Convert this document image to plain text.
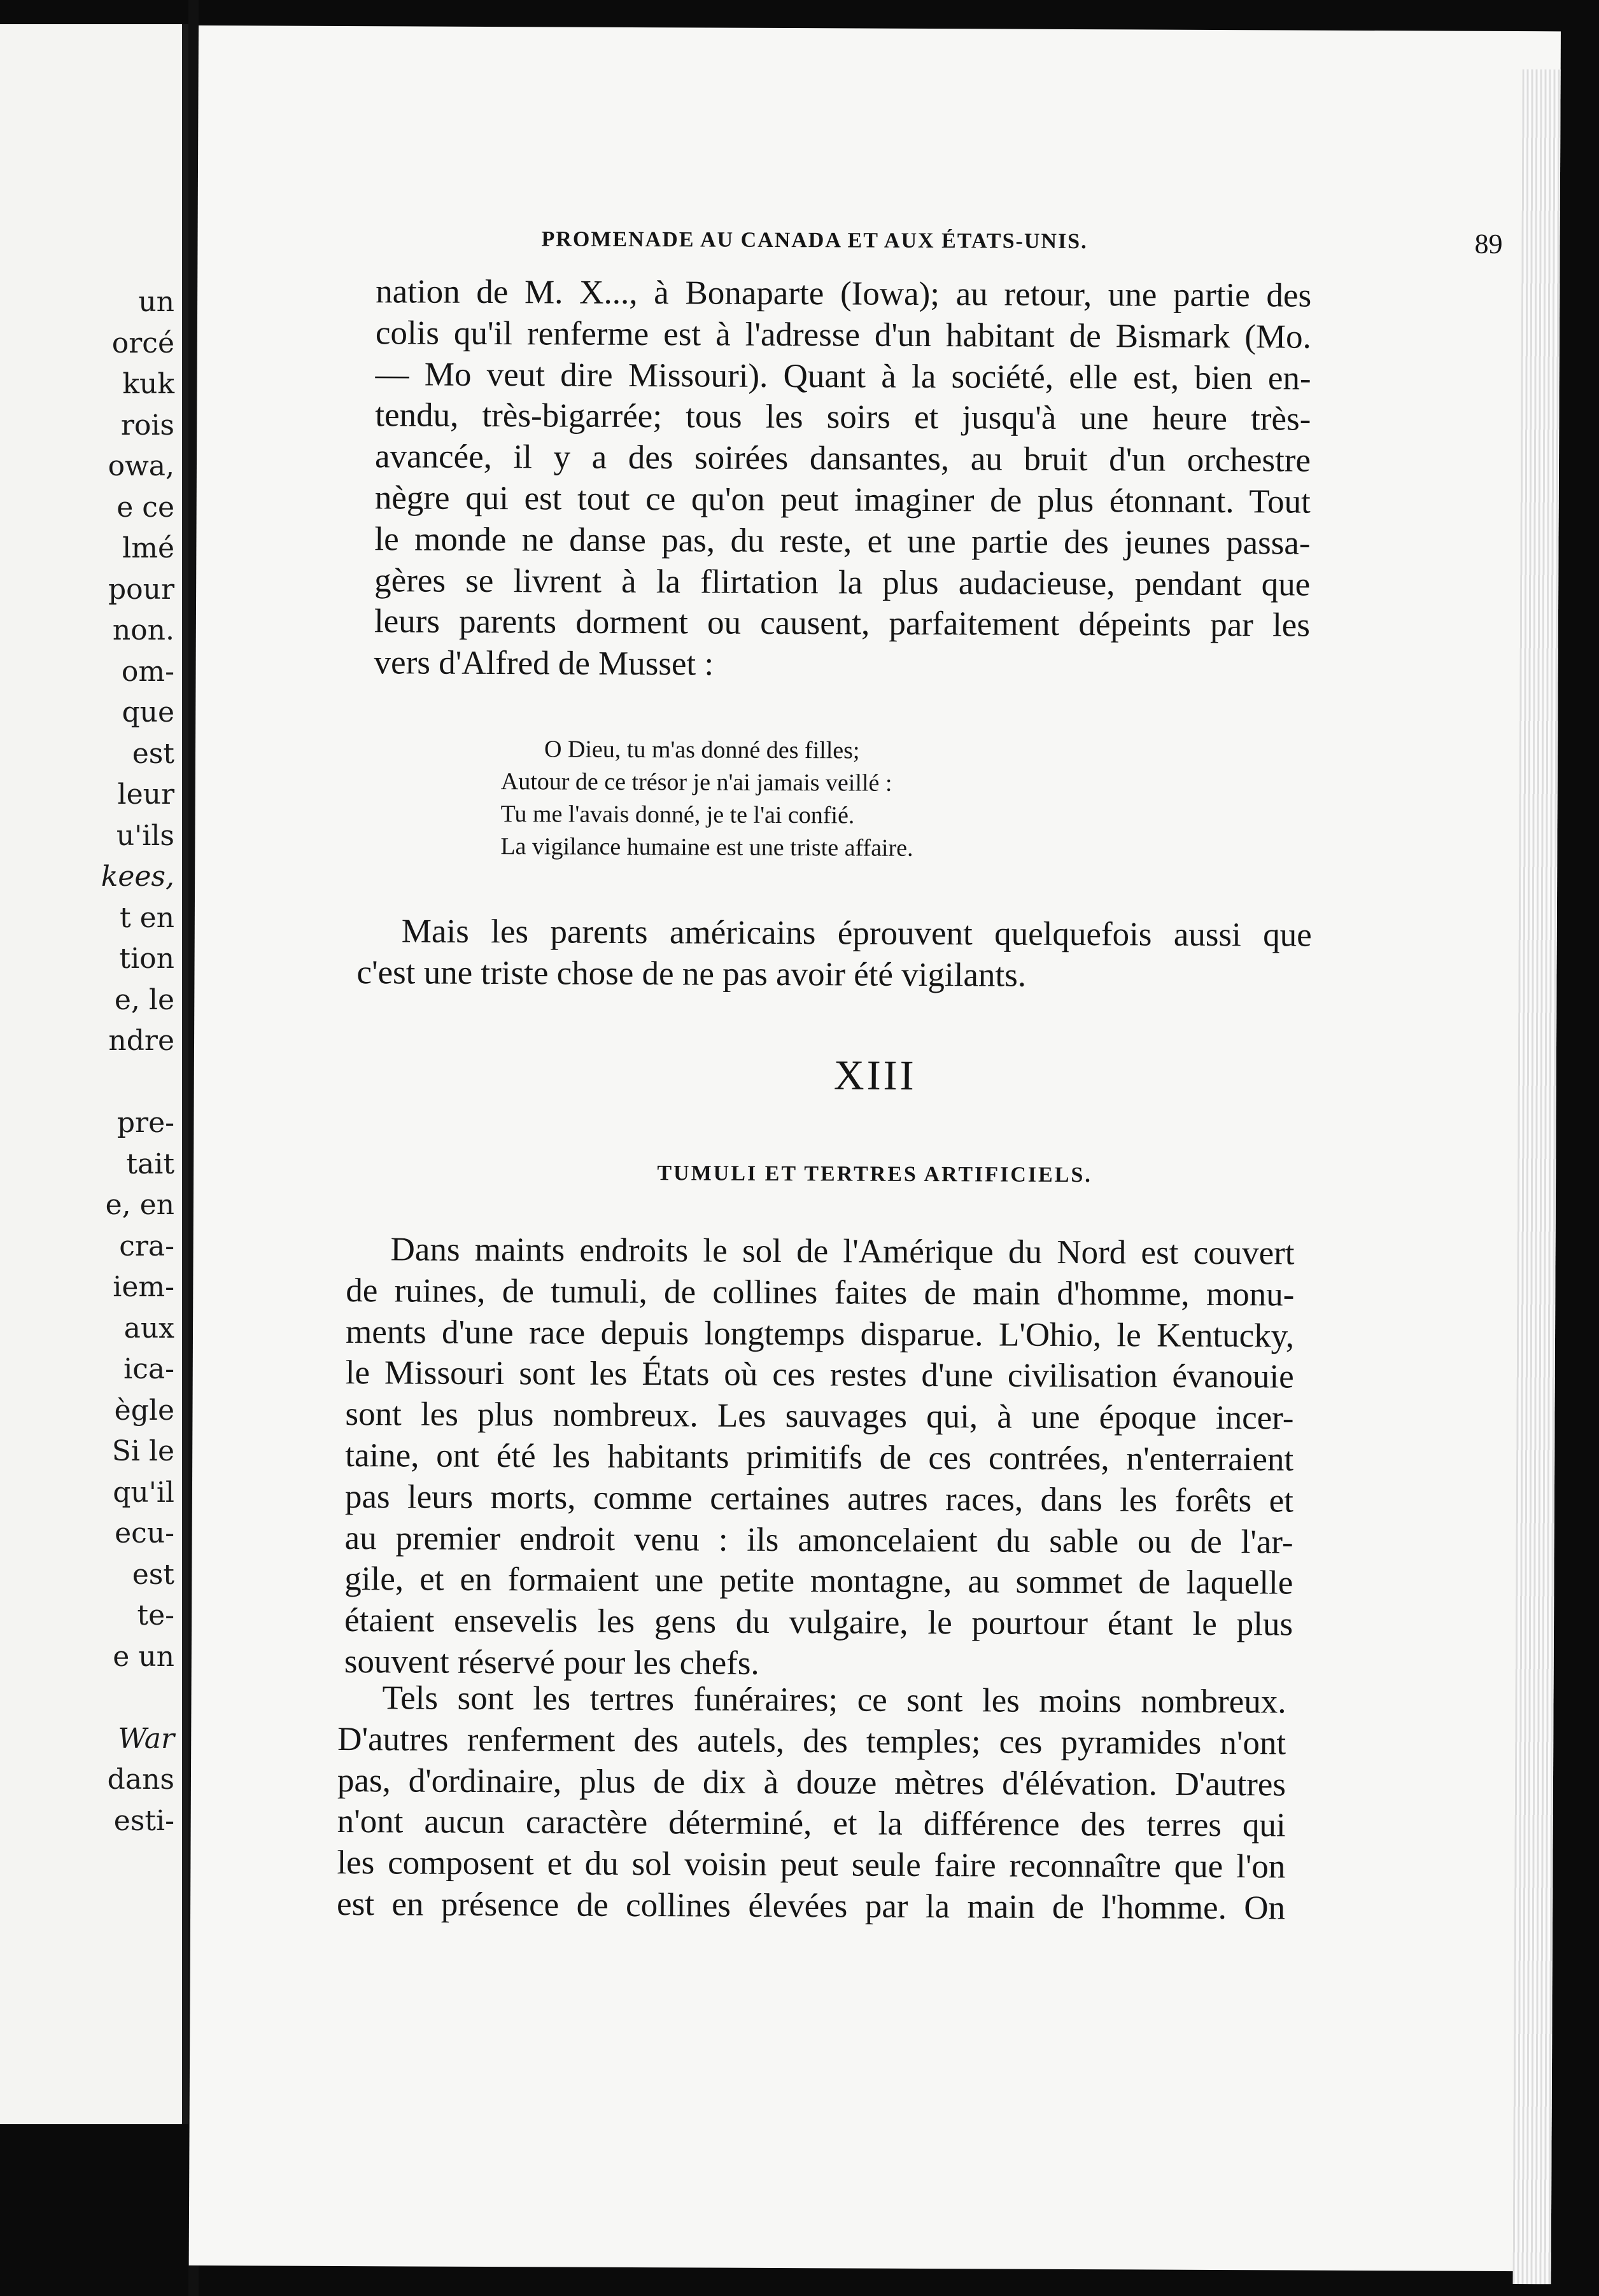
un
orcé
kuk
rois
owa,
e ce
lmé
pour
non.
om-
que
est
leur
u'ils
kees,
t en
tion
e, le
ndre
pre-
tait
e, en
cra-
iem-
aux
ica-
ègle
Si le
qu'il
ecu-
est
te-
e un
War
dans
esti-
PROMENADE AU CANADA ET AUX ÉTATS-UNIS.	89
nation de M. X..., à Bonaparte (Iowa); au retour, une partie des
colis qu'il renferme est à l'adresse d'un habitant de Bismark (Mo.
— Mo veut dire Missouri). Quant à la société, elle est, bien en-
tendu, très-bigarrée; tous les soirs et jusqu'à une heure très-
avancée, il y a des soirées dansantes, au bruit d'un orchestre
nègre qui est tout ce qu'on peut imaginer de plus étonnant. Tout
le monde ne danse pas, du reste, et une partie des jeunes passa-
gères se livrent à la flirtation la plus audacieuse, pendant que
leurs parents dorment ou causent, parfaitement dépeints par les
vers d'Alfred de Musset :
O Dieu, tu m'as donné des filles;
Autour de ce trésor je n'ai jamais veillé :
Tu me l'avais donné, je te l'ai confié.
La vigilance humaine est une triste affaire.
Mais les parents américains éprouvent quelquefois aussi que
c'est une triste chose de ne pas avoir été vigilants.
XIII
TUMULI ET TERTRES ARTIFICIELS.
Dans maints endroits le sol de l'Amérique du Nord est couvert
de ruines, de tumuli, de collines faites de main d'homme, monu-
ments d'une race depuis longtemps disparue. L'Ohio, le Kentucky,
le Missouri sont les États où ces restes d'une civilisation évanouie
sont les plus nombreux. Les sauvages qui, à une époque incer-
taine, ont été les habitants primitifs de ces contrées, n'enterraient
pas leurs morts, comme certaines autres races, dans les forêts et
au premier endroit venu : ils amoncelaient du sable ou de l'ar-
gile, et en formaient une petite montagne, au sommet de laquelle
étaient ensevelis les gens du vulgaire, le pourtour étant le plus
souvent réservé pour les chefs.
Tels sont les tertres funéraires; ce sont les moins nombreux.
D'autres renferment des autels, des temples; ces pyramides n'ont
pas, d'ordinaire, plus de dix à douze mètres d'élévation. D'autres
n'ont aucun caractère déterminé, et la différence des terres qui
les composent et du sol voisin peut seule faire reconnaître que l'on
est en présence de collines élevées par la main de l'homme. On
